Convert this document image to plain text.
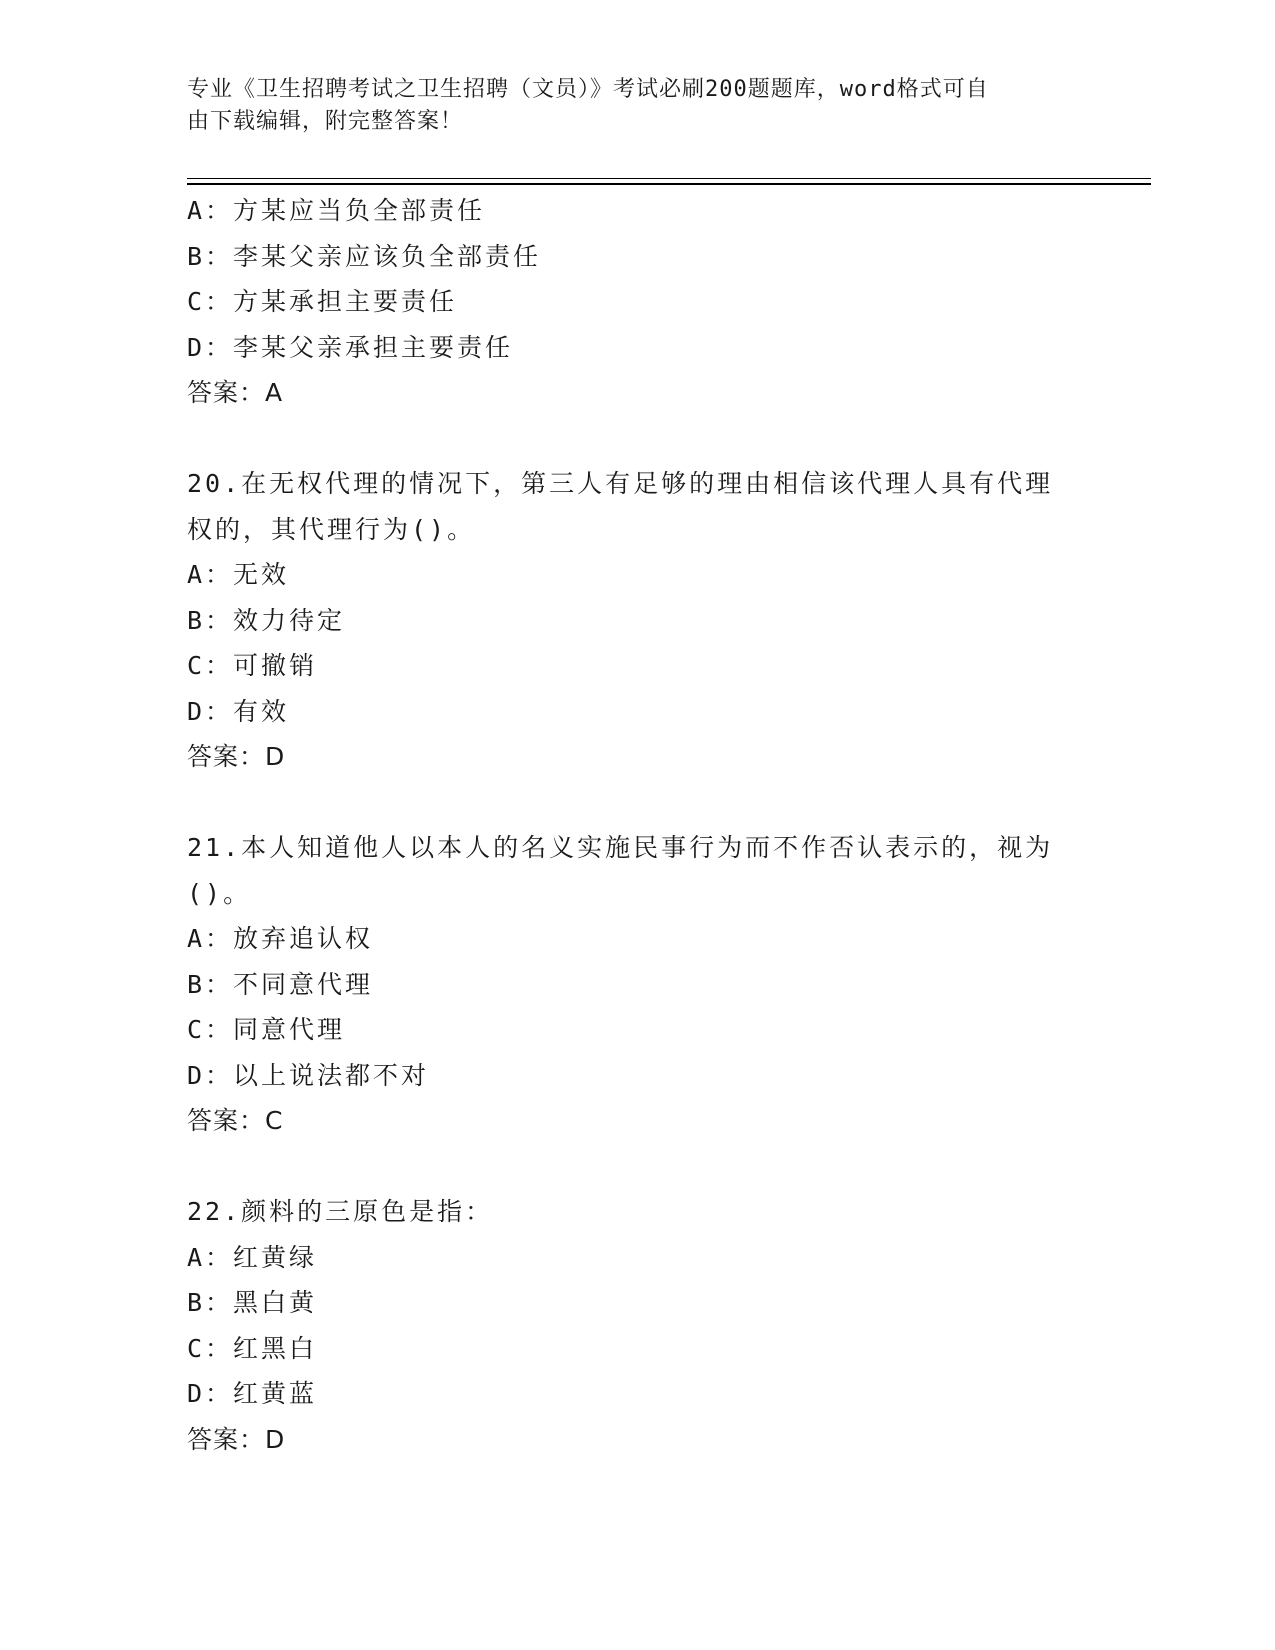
专业《卫生招聘考试之卫生招聘（文员）》考试必刷200题题库，word格式可自
由下载编辑，附完整答案！
A：方某应当负全部责任
B：李某父亲应该负全部责任
C：方某承担主要责任
D：李某父亲承担主要责任
答案：A
20.在无权代理的情况下，第三人有足够的理由相信该代理人具有代理
权的，其代理行为()。
A：无效
B：效力待定
C：可撤销
D：有效
答案：D
21.本人知道他人以本人的名义实施民事行为而不作否认表示的，视为
()。
A：放弃追认权
B：不同意代理
C：同意代理
D：以上说法都不对
答案：C
22.颜料的三原色是指：
A：红黄绿
B：黑白黄
C：红黑白
D：红黄蓝
答案：D
